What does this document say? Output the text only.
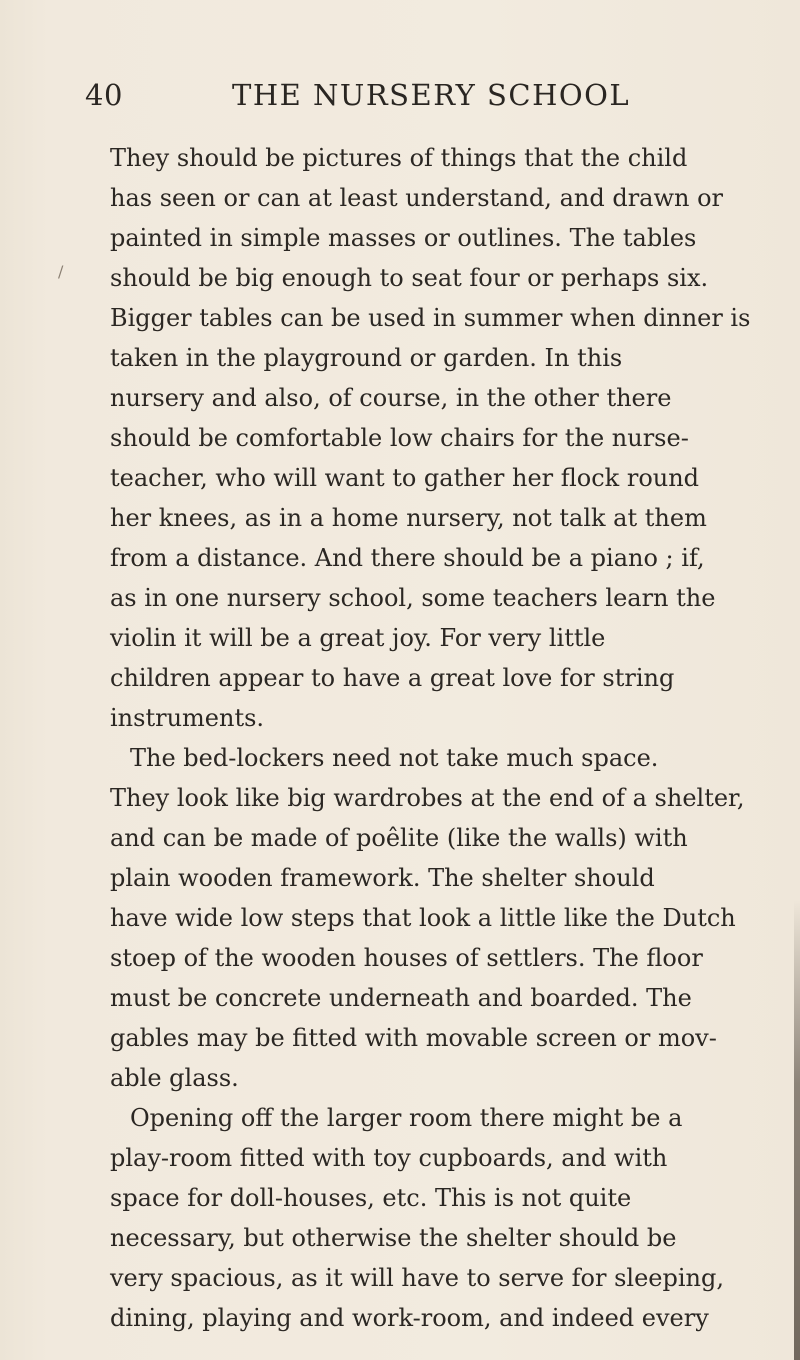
40	THE NURSERY SCHOOL
/
They should be pictures of things that the child
has seen or can at least understand, and drawn or
painted in simple masses or outlines. The tables
should be big enough to seat four or perhaps six.
Bigger tables can be used in summer when dinner is
taken in the playground or garden. In this
nursery and also, of course, in the other there
should be comfortable low chairs for the nurse-
teacher, who will want to gather her flock round
her knees, as in a home nursery, not talk at them
from a distance. And there should be a piano ; if,
as in one nursery school, some teachers learn the
violin it will be a great joy. For very little
children appear to have a great love for string
instruments.
The bed-lockers need not take much space.
They look like big wardrobes at the end of a shelter,
and can be made of poêlite (like the walls) with
plain wooden framework. The shelter should
have wide low steps that look a little like the Dutch
stoep of the wooden houses of settlers. The floor
must be concrete underneath and boarded. The
gables may be fitted with movable screen or mov-
able glass.
Opening off the larger room there might be a
play-room fitted with toy cupboards, and with
space for doll-houses, etc. This is not quite
necessary, but otherwise the shelter should be
very spacious, as it will have to serve for sleeping,
dining, playing and work-room, and indeed every
